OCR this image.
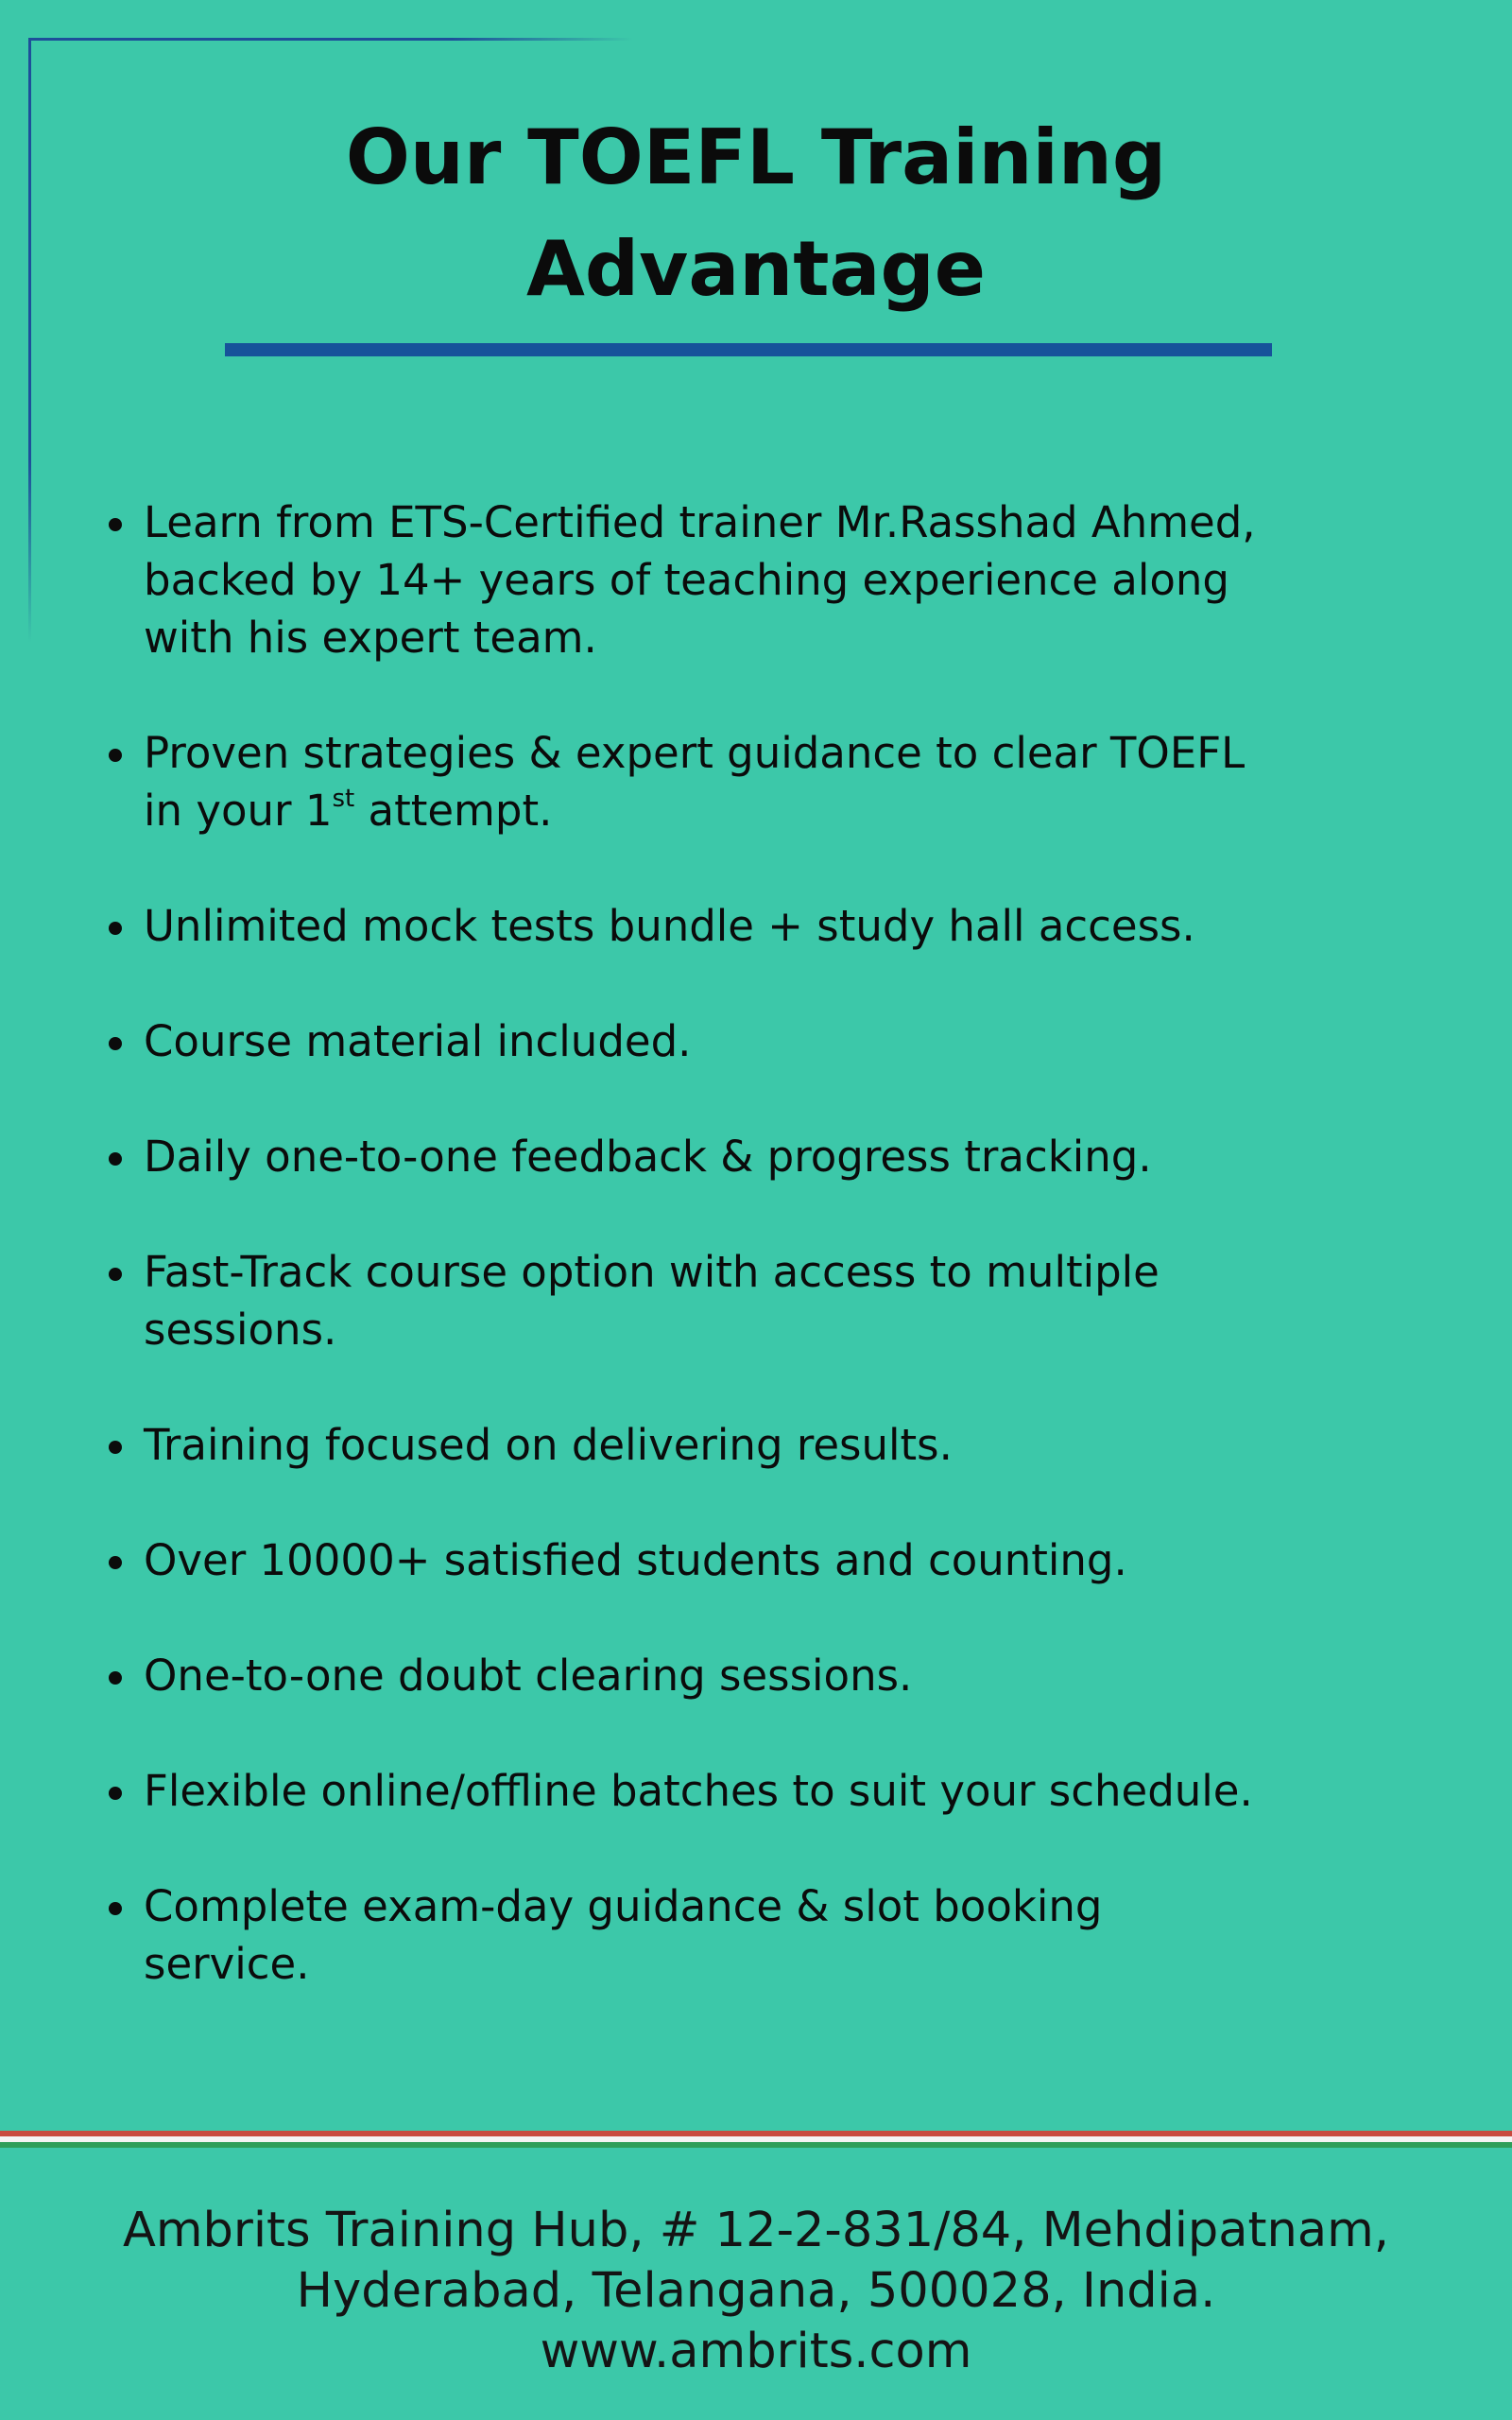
Our TOEFL Training
Advantage
Learn from ETS-Certified trainer Mr.Rasshad Ahmed,
backed by 14+ years of teaching experience along
with his expert team.
Proven strategies & expert guidance to clear TOEFL
in your 1st attempt.
Unlimited mock tests bundle + study hall access.
Course material included.
Daily one-to-one feedback & progress tracking.
Fast-Track course option with access to multiple
sessions.
Training focused on delivering results.
Over 10000+ satisfied students and counting.
One-to-one doubt clearing sessions.
Flexible online/offline batches to suit your schedule.
Complete exam-day guidance & slot booking
service.
Ambrits Training Hub, # 12-2-831/84, Mehdipatnam,
Hyderabad, Telangana, 500028, India.
www.ambrits.com
